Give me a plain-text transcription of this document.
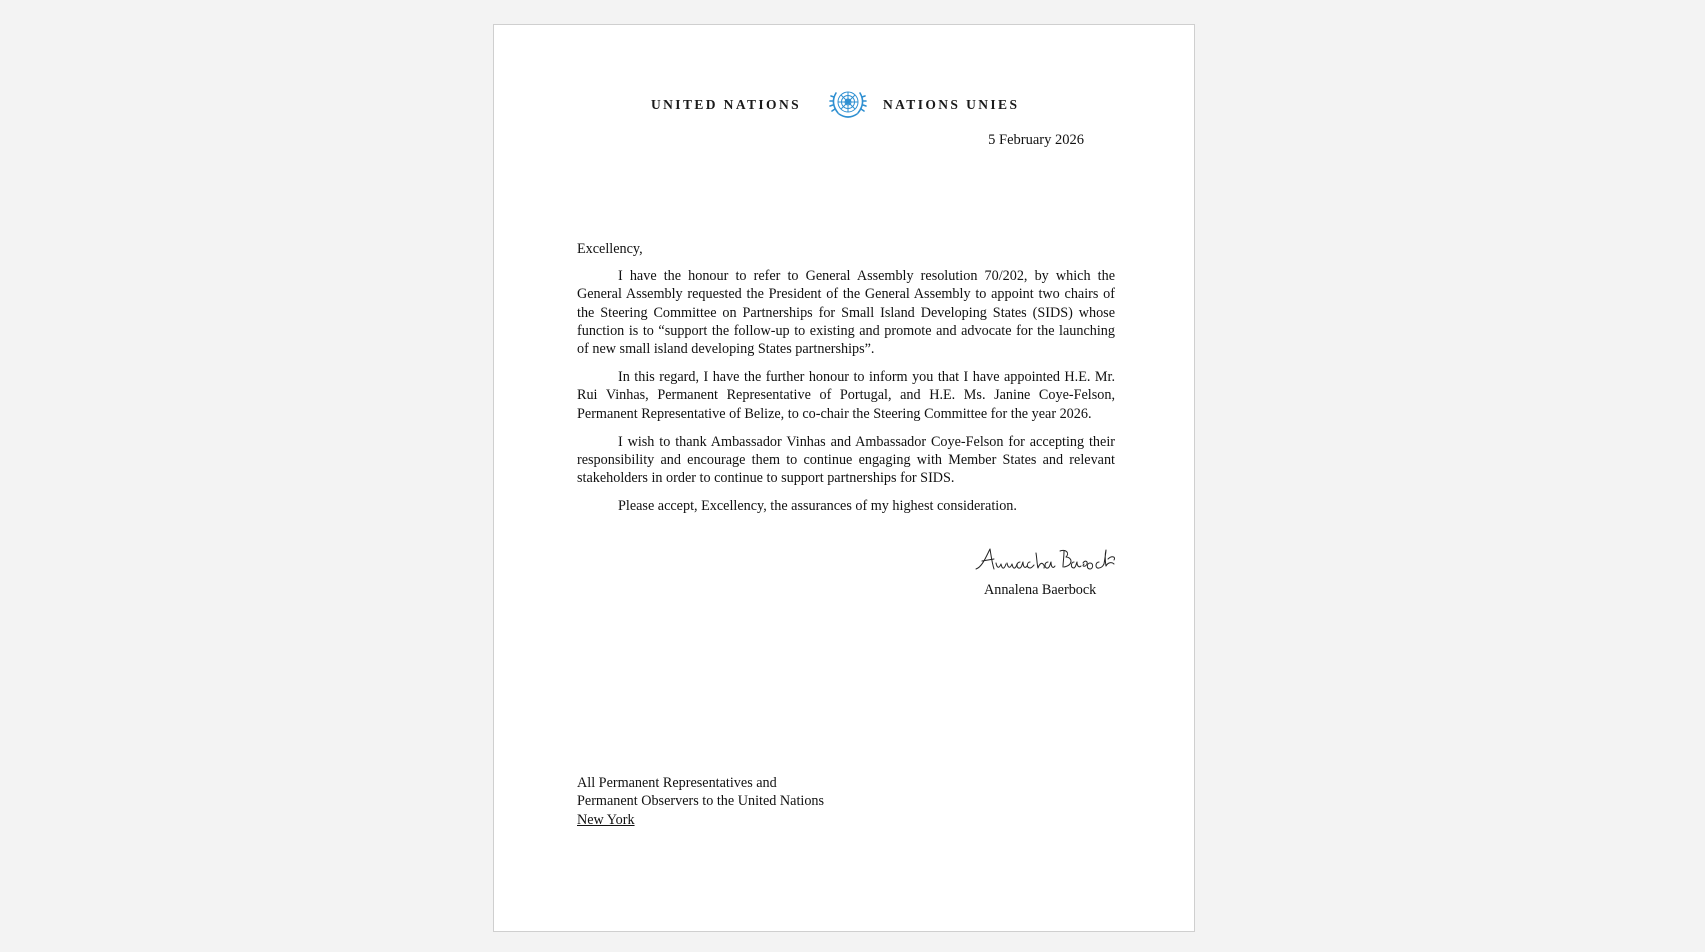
UNITED NATIONS	NATIONS UNIES
5 February 2026

Excellency,

I have the honour to refer to General Assembly resolution 70/202, by which the General Assembly requested the President of the General Assembly to appoint two chairs of the Steering Committee on Partnerships for Small Island Developing States (SIDS) whose function is to “support the follow-up to existing and promote and advocate for the launching of new small island developing States partnerships”.

In this regard, I have the further honour to inform you that I have appointed H.E. Mr. Rui Vinhas, Permanent Representative of Portugal, and H.E. Ms. Janine Coye-Felson, Permanent Representative of Belize, to co-chair the Steering Committee for the year 2026.

I wish to thank Ambassador Vinhas and Ambassador Coye-Felson for accepting their responsibility and encourage them to continue engaging with Member States and relevant stakeholders in order to continue to support partnerships for SIDS.

Please accept, Excellency, the assurances of my highest consideration.

Annalena Baerbock
All Permanent Representatives and
Permanent Observers to the United Nations
New York
